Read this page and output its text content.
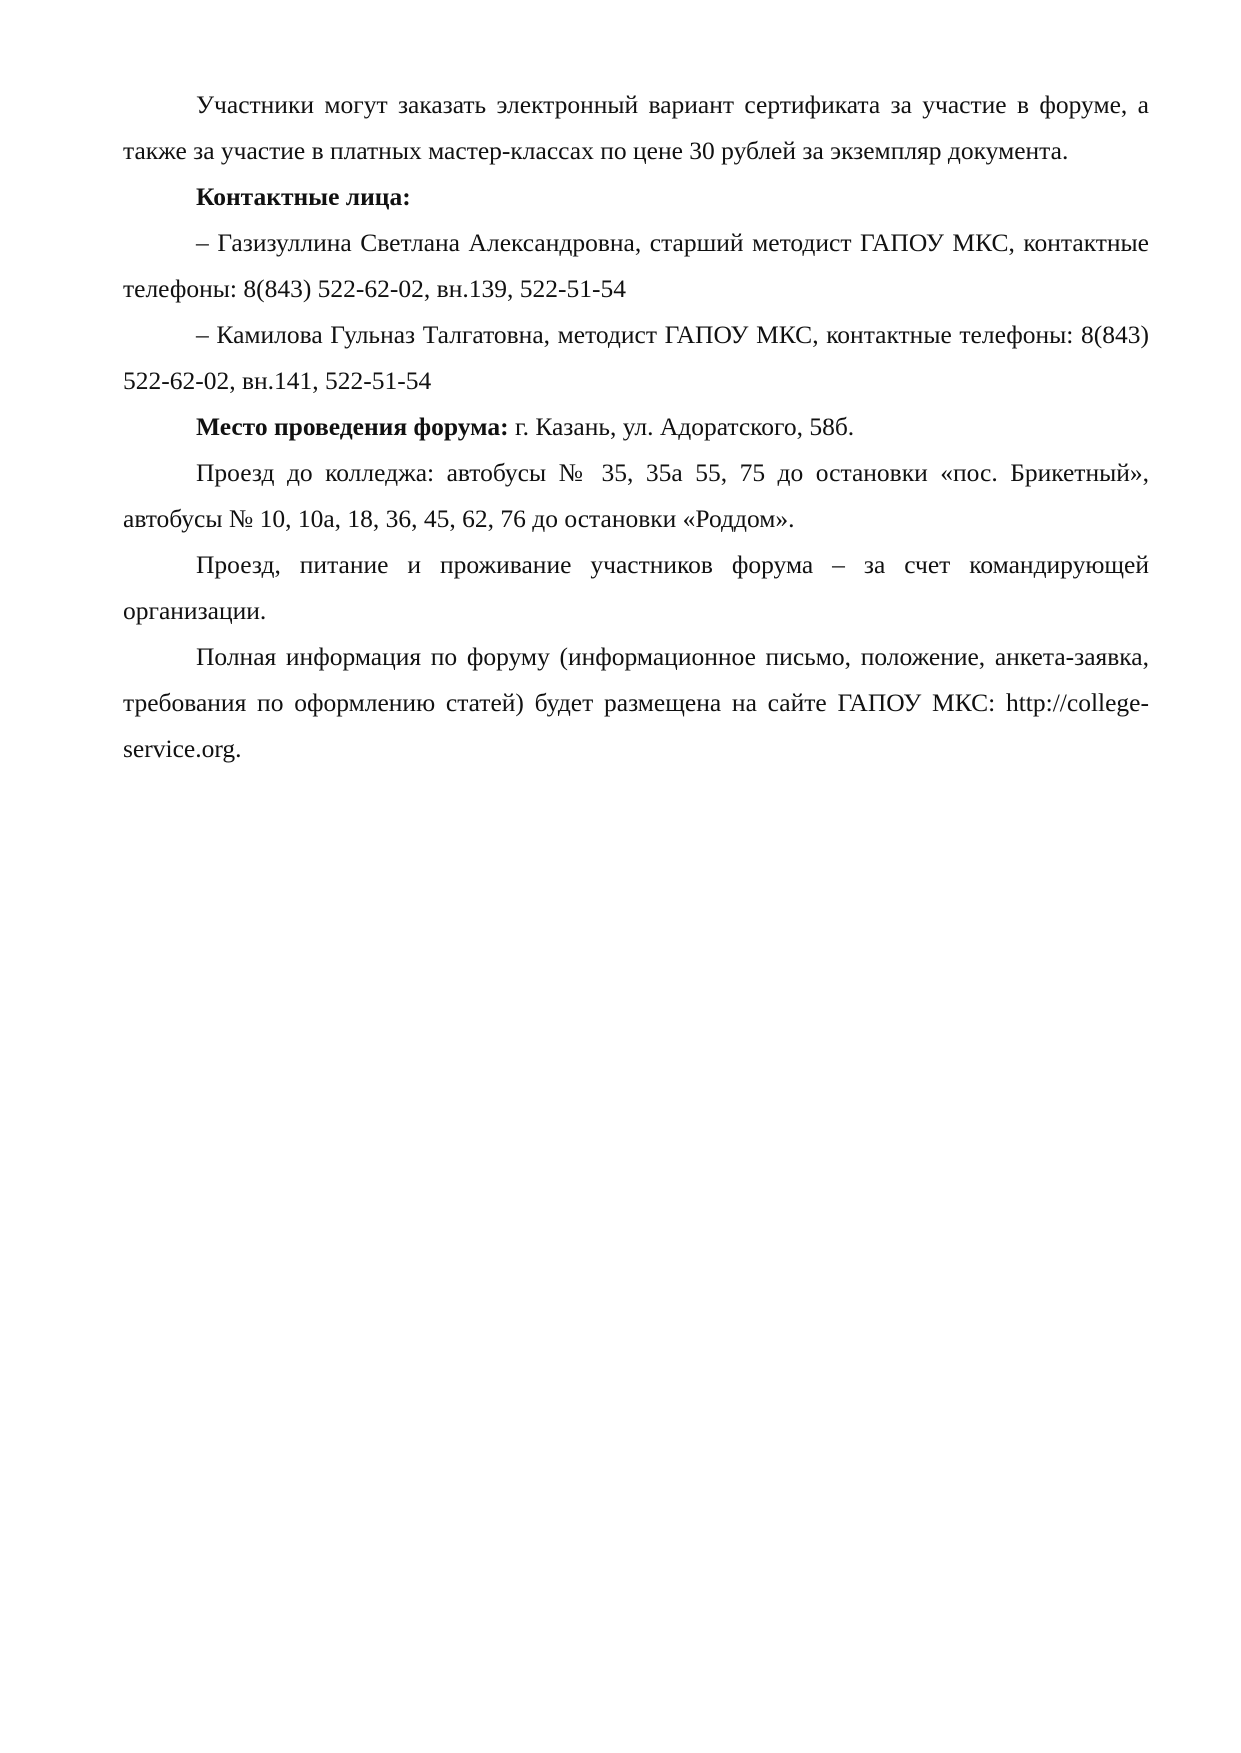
Участники могут заказать электронный вариант сертификата за участие в форуме, а также за участие в платных мастер-классах по цене 30 рублей за экземпляр документа.

Контактные лица:

– Газизуллина Светлана Александровна, старший методист ГАПОУ МКС, контактные телефоны: 8(843) 522-62-02, вн.139, 522-51-54

– Камилова Гульназ Талгатовна, методист ГАПОУ МКС, контактные телефоны: 8(843) 522-62-02, вн.141, 522-51-54

Место проведения форума: г. Казань, ул. Адоратского, 58б.

Проезд до колледжа: автобусы № 35, 35а 55, 75 до остановки «пос. Брикетный», автобусы № 10, 10а, 18, 36, 45, 62, 76 до остановки «Роддом».

Проезд, питание и проживание участников форума – за счет командирующей организации.

Полная информация по форуму (информационное письмо, положение, анкета-заявка, требования по оформлению статей) будет размещена на сайте ГАПОУ МКС: http://college-service.org.
